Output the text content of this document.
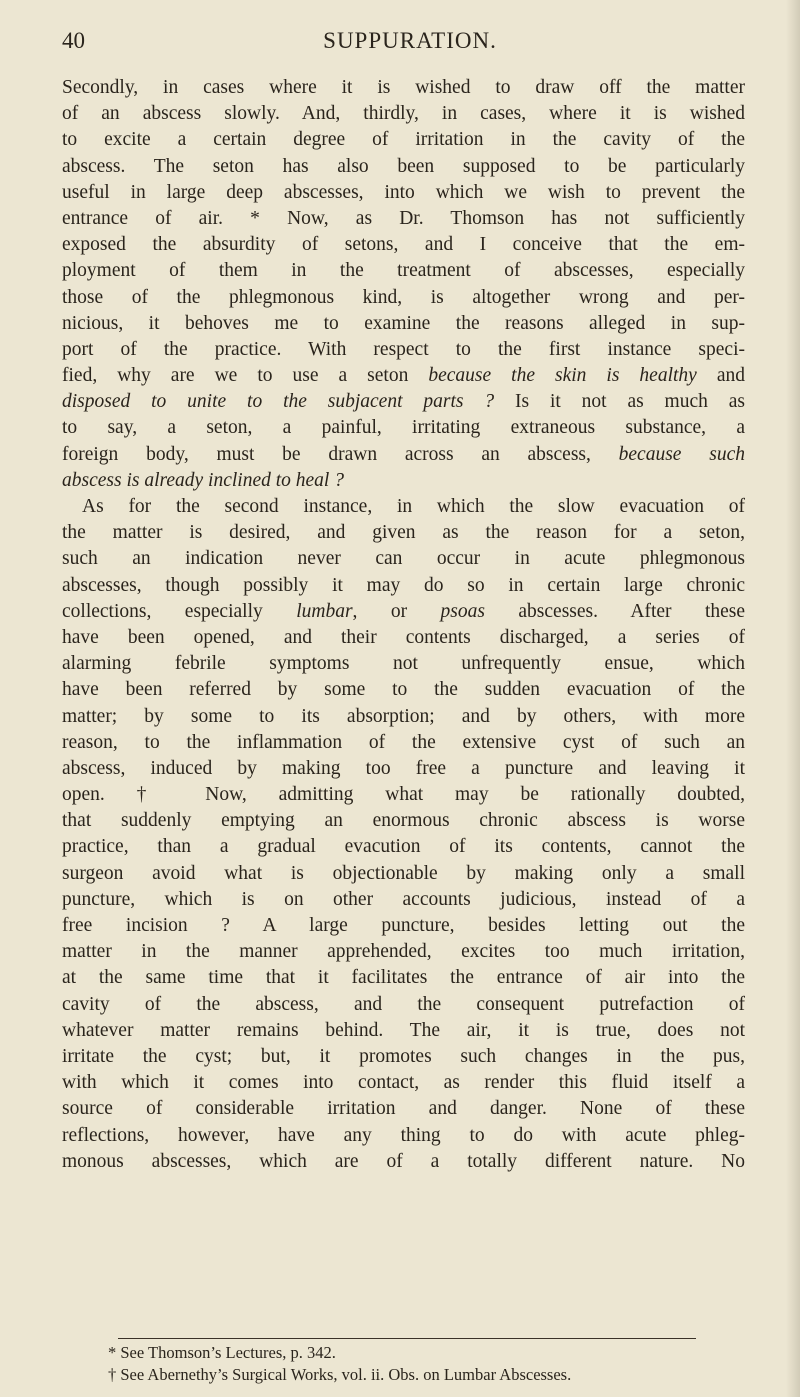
40	SUPPURATION.
Secondly, in cases where it is wished to draw off the matter
of an abscess slowly. And, thirdly, in cases, where it is wished
to excite a certain degree of irritation in the cavity of the
abscess. The seton has also been supposed to be particularly
useful in large deep abscesses, into which we wish to prevent the
entrance of air. * Now, as Dr. Thomson has not sufficiently
exposed the absurdity of setons, and I conceive that the em-
ployment of them in the treatment of abscesses, especially
those of the phlegmonous kind, is altogether wrong and per-
nicious, it behoves me to examine the reasons alleged in sup-
port of the practice. With respect to the first instance speci-
fied, why are we to use a seton because the skin is healthy and
disposed to unite to the subjacent parts ? Is it not as much as
to say, a seton, a painful, irritating extraneous substance, a
foreign body, must be drawn across an abscess, because such
abscess is already inclined to heal ?
As for the second instance, in which the slow evacuation of
the matter is desired, and given as the reason for a seton,
such an indication never can occur in acute phlegmonous
abscesses, though possibly it may do so in certain large chronic
collections, especially lumbar, or psoas abscesses. After these
have been opened, and their contents discharged, a series of
alarming febrile symptoms not unfrequently ensue, which
have been referred by some to the sudden evacuation of the
matter; by some to its absorption; and by others, with more
reason, to the inflammation of the extensive cyst of such an
abscess, induced by making too free a puncture and leaving it
open. † Now, admitting what may be rationally doubted,
that suddenly emptying an enormous chronic abscess is worse
practice, than a gradual evacution of its contents, cannot the
surgeon avoid what is objectionable by making only a small
puncture, which is on other accounts judicious, instead of a
free incision ? A large puncture, besides letting out the
matter in the manner apprehended, excites too much irritation,
at the same time that it facilitates the entrance of air into the
cavity of the abscess, and the consequent putrefaction of
whatever matter remains behind. The air, it is true, does not
irritate the cyst; but, it promotes such changes in the pus,
with which it comes into contact, as render this fluid itself a
source of considerable irritation and danger. None of these
reflections, however, have any thing to do with acute phleg-
monous abscesses, which are of a totally different nature. No
* See Thomson’s Lectures, p. 342.
† See Abernethy’s Surgical Works, vol. ii. Obs. on Lumbar Abscesses.
